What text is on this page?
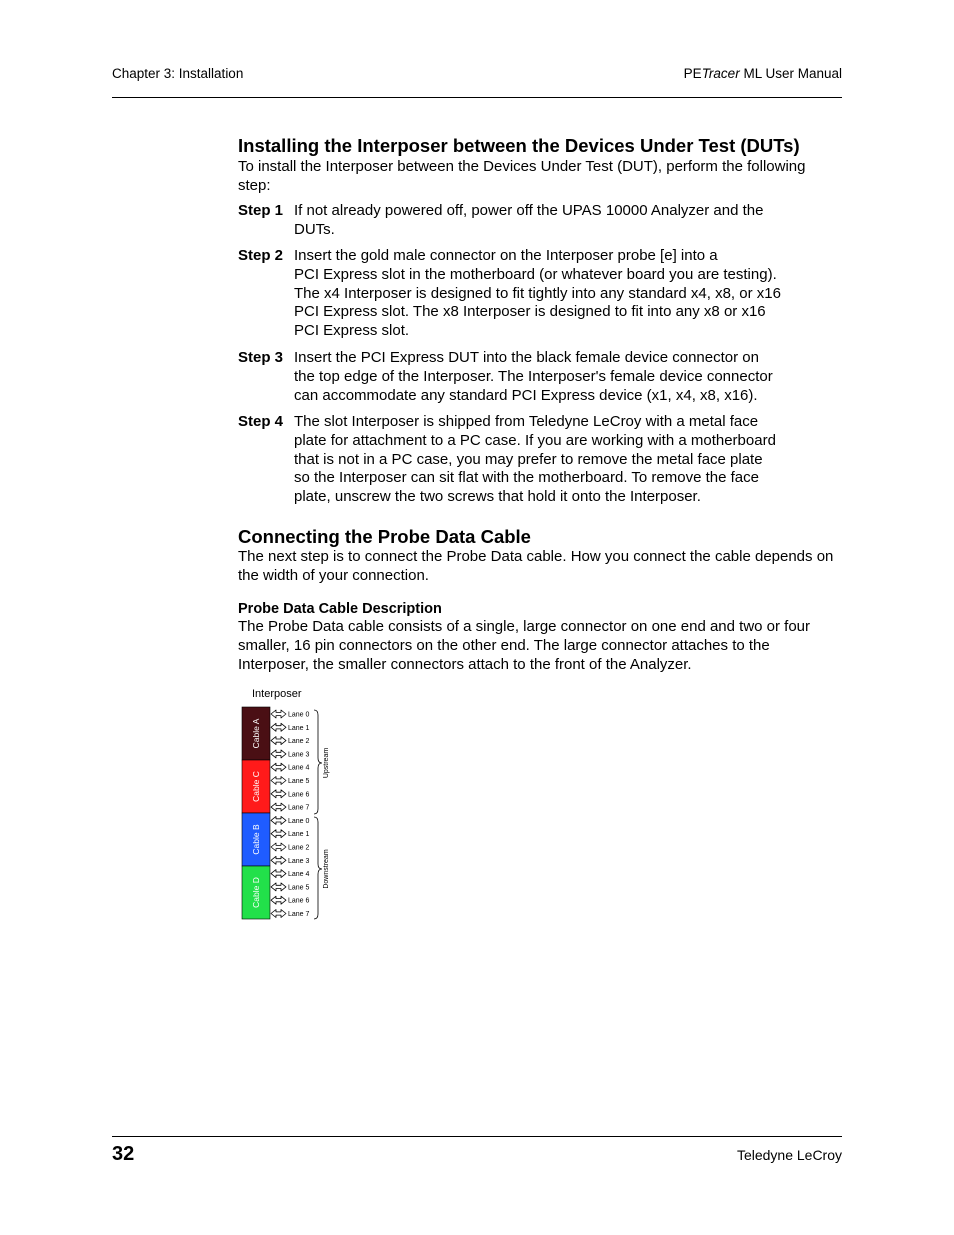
Chapter 3: Installation	PETracer ML User Manual
Installing the Interposer between the Devices Under Test (DUTs)

To install the Interposer between the Devices Under Test (DUT), perform the following step:

Step 1 If not already powered off, power off the UPAS 10000 Analyzer and the
DUTs.
Step 2 Insert the gold male connector on the Interposer probe [e] into a
PCI Express slot in the motherboard (or whatever board you are testing).
The x4 Interposer is designed to fit tightly into any standard x4, x8, or x16
PCI Express slot. The x8 Interposer is designed to fit into any x8 or x16
PCI Express slot.
Step 3 Insert the PCI Express DUT into the black female device connector on
the top edge of the Interposer. The Interposer's female device connector
can accommodate any standard PCI Express device (x1, x4, x8, x16).
Step 4 The slot Interposer is shipped from Teledyne LeCroy with a metal face
plate for attachment to a PC case. If you are working with a motherboard
that is not in a PC case, you may prefer to remove the metal face plate
so the Interposer can sit flat with the motherboard. To remove the face
plate, unscrew the two screws that hold it onto the Interposer.
Connecting the Probe Data Cable

The next step is to connect the Probe Data cable. How you connect the cable depends on the width of your connection.

Probe Data Cable Description

The Probe Data cable consists of a single, large connector on one end and two or four smaller, 16 pin connectors on the other end. The large connector attaches to the Interposer, the smaller connectors attach to the front of the Analyzer.

Interposer
Cable A
Cable C
Cable B
Cable D
Lane 0
Lane 1
Lane 2
Lane 3
Lane 4
Lane 5
Lane 6
Lane 7
Lane 0
Lane 1
Lane 2
Lane 3
Lane 4
Lane 5
Lane 6
Lane 7
Upstream
Downstream
32	Teledyne LeCroy
